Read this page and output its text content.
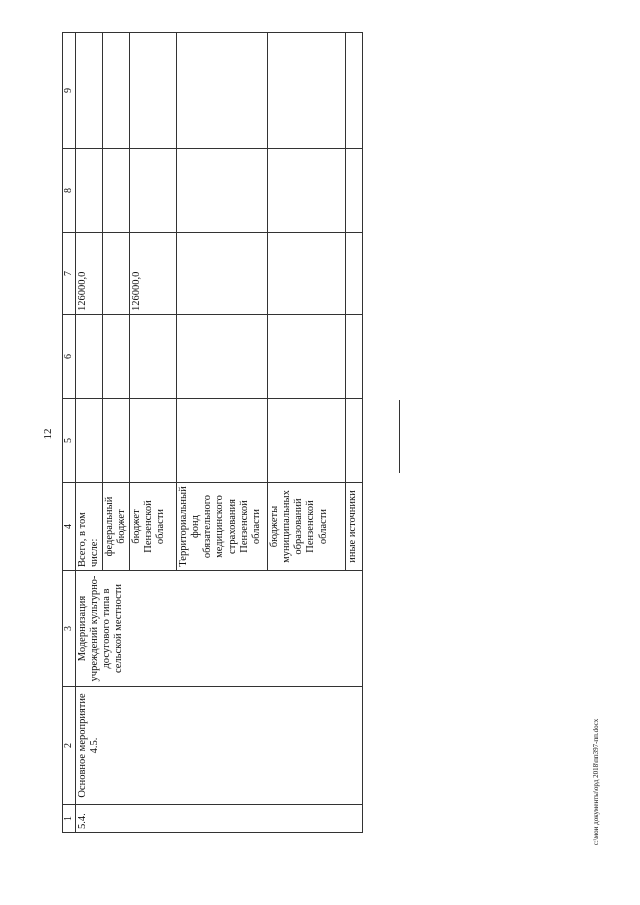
12
1	2	3	4	5	6	7	8	9
5.4.	Основное мероприятие 4.5.	Модернизация учреждений культурно-досугового типа в сельской местности	Всего, в том числе:			126000,0		
			федеральный бюджет					
			бюджет Пензенской области			126000,0		
			Территориальный фонд обязательного медицинского страхования Пензенской области					
			бюджеты муниципальных образований Пензенской области					
			иные источники					
c:\мои документы\орд 2018\пп397-пп.docx
